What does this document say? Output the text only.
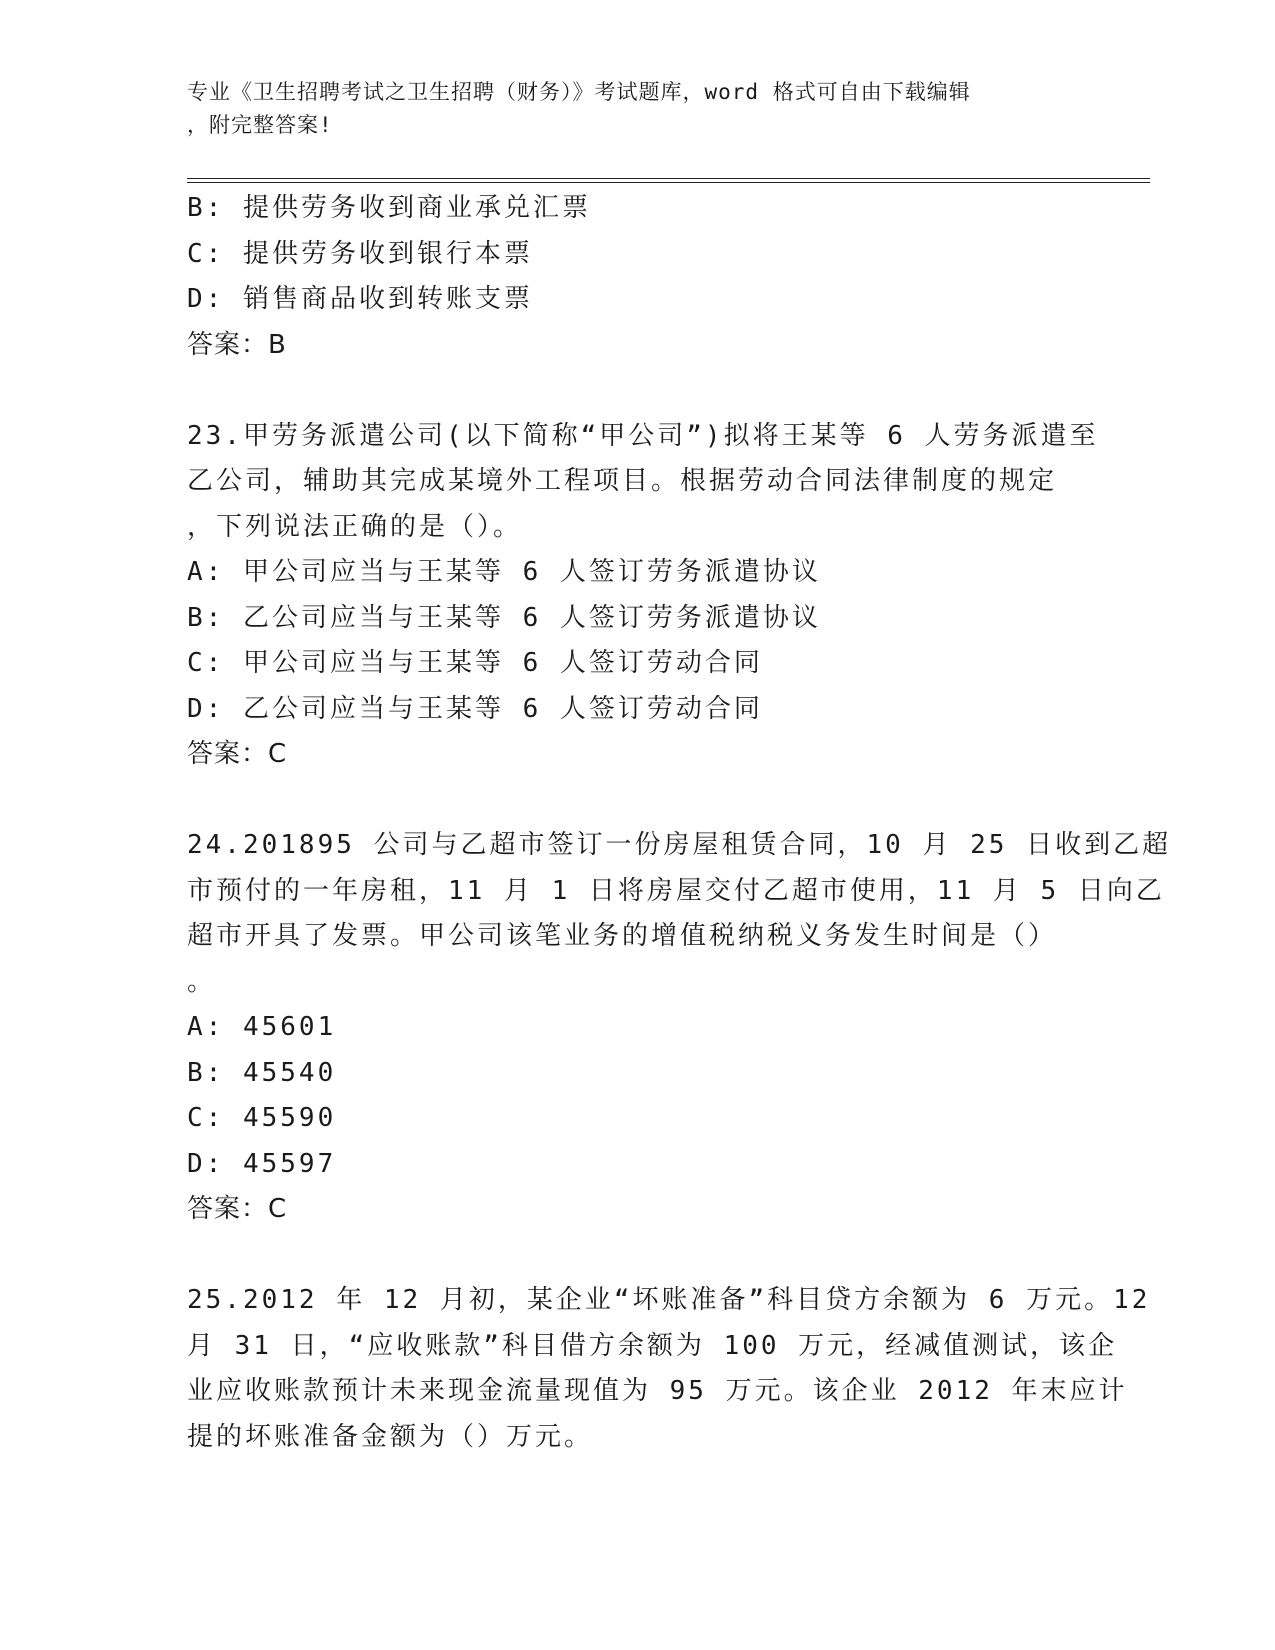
专业《卫生招聘考试之卫生招聘（财务）》考试题库，word 格式可自由下载编辑

，附完整答案!

B: 提供劳务收到商业承兑汇票
C: 提供劳务收到银行本票
D: 销售商品收到转账支票
答案：B
23.甲劳务派遣公司(以下简称“甲公司”)拟将王某等 6 人劳务派遣至
乙公司，辅助其完成某境外工程项目。根据劳动合同法律制度的规定
，下列说法正确的是（）。
A: 甲公司应当与王某等 6 人签订劳务派遣协议
B: 乙公司应当与王某等 6 人签订劳务派遣协议
C: 甲公司应当与王某等 6 人签订劳动合同
D: 乙公司应当与王某等 6 人签订劳动合同
答案：C
24.201895 公司与乙超市签订一份房屋租赁合同，10 月 25 日收到乙超
市预付的一年房租，11 月 1 日将房屋交付乙超市使用，11 月 5 日向乙
超市开具了发票。甲公司该笔业务的增值税纳税义务发生时间是（）
。
A: 45601
B: 45540
C: 45590
D: 45597
答案：C
25.2012 年 12 月初，某企业“坏账准备”科目贷方余额为 6 万元。12
月 31 日，“应收账款”科目借方余额为 100 万元，经减值测试，该企
业应收账款预计未来现金流量现值为 95 万元。该企业 2012 年末应计
提的坏账准备金额为（）万元。
